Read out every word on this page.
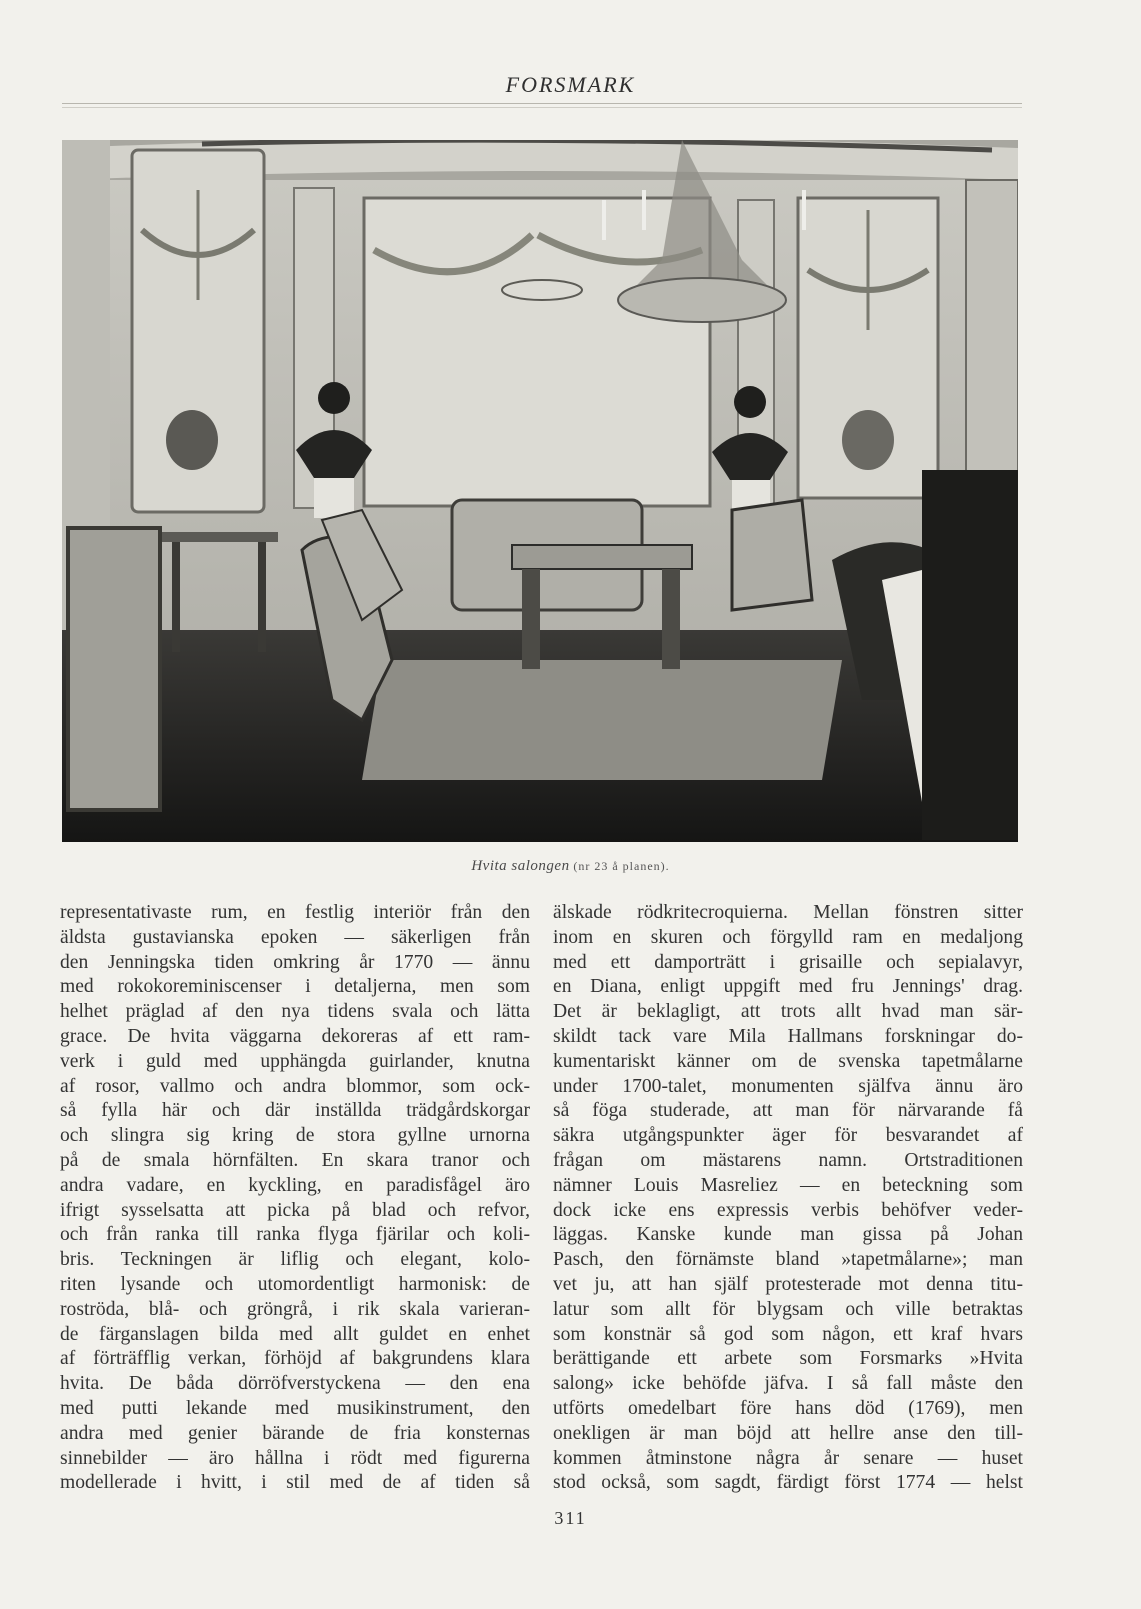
FORSMARK
Hvita salongen (nr 23 å planen).
representativaste rum, en festlig interiör från den
äldsta gustavianska epoken — säkerligen från
den Jenningska tiden omkring år 1770 — ännu
med rokokoreminiscenser i detaljerna, men som
helhet präglad af den nya tidens svala och lätta
grace. De hvita väggarna dekoreras af ett ram-
verk i guld med upphängda guirlander, knutna
af rosor, vallmo och andra blommor, som ock-
så fylla här och där inställda trädgårdskorgar
och slingra sig kring de stora gyllne urnorna
på de smala hörnfälten. En skara tranor och
andra vadare, en kyckling, en paradisfågel äro
ifrigt sysselsatta att picka på blad och refvor,
och från ranka till ranka flyga fjärilar och koli-
bris. Teckningen är liflig och elegant, kolo-
riten lysande och utomordentligt harmonisk: de
roströda, blå- och gröngrå, i rik skala varieran-
de färganslagen bilda med allt guldet en enhet
af förträfflig verkan, förhöjd af bakgrundens klara
hvita. De båda dörröfverstyckena — den ena
med putti lekande med musikinstrument, den
andra med genier bärande de fria konsternas
sinnebilder — äro hållna i rödt med figurerna
modellerade i hvitt, i stil med de af tiden så
älskade rödkritecroquierna. Mellan fönstren sitter
inom en skuren och förgylld ram en medaljong
med ett damporträtt i grisaille och sepialavyr,
en Diana, enligt uppgift med fru Jennings' drag.
Det är beklagligt, att trots allt hvad man sär-
skildt tack vare Mila Hallmans forskningar do-
kumentariskt känner om de svenska tapetmålarne
under 1700-talet, monumenten själfva ännu äro
så föga studerade, att man för närvarande få
säkra utgångspunkter äger för besvarandet af
frågan om mästarens namn. Ortstraditionen
nämner Louis Masreliez — en beteckning som
dock icke ens expressis verbis behöfver veder-
läggas. Kanske kunde man gissa på Johan
Pasch, den förnämste bland »tapetmålarne»; man
vet ju, att han själf protesterade mot denna titu-
latur som allt för blygsam och ville betraktas
som konstnär så god som någon, ett kraf hvars
berättigande ett arbete som Forsmarks »Hvita
salong» icke behöfde jäfva. I så fall måste den
utförts omedelbart före hans död (1769), men
onekligen är man böjd att hellre anse den till-
kommen åtminstone några år senare — huset
stod också, som sagdt, färdigt först 1774 — helst
311
